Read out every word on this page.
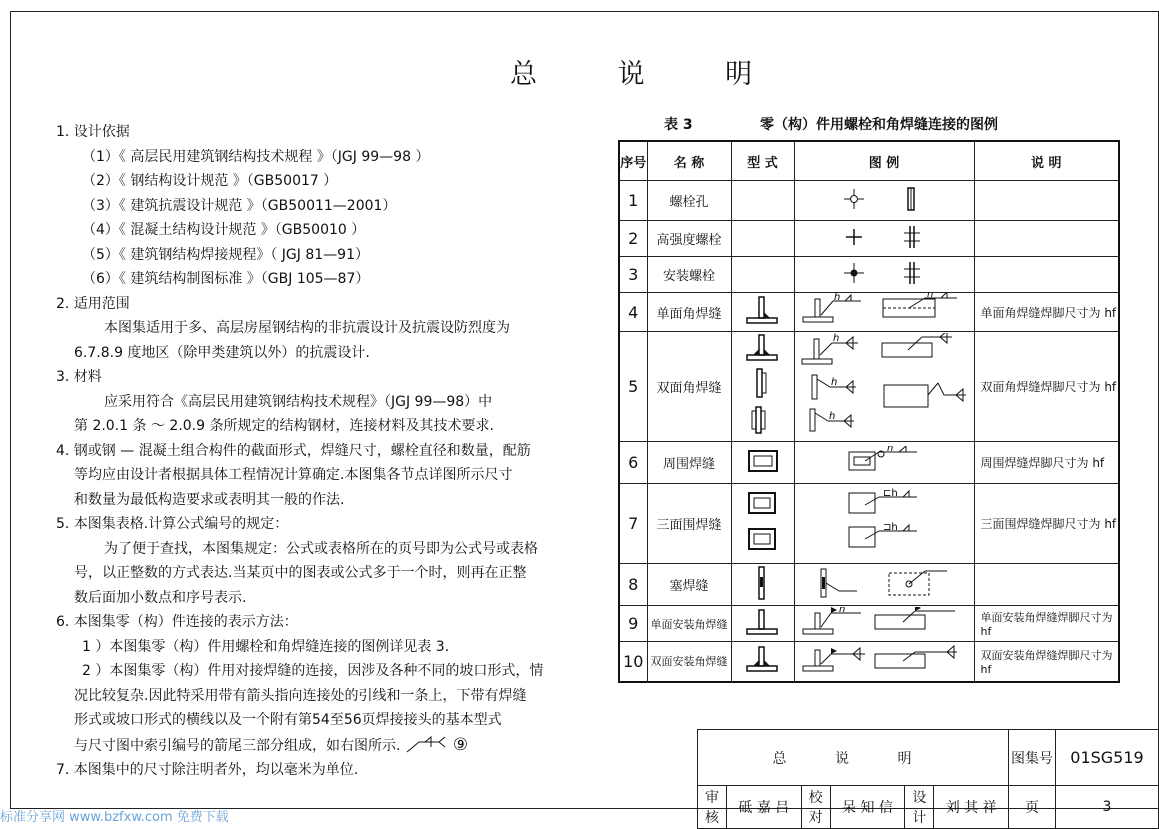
总 说 明

1. 设计依据

（1）《 高层民用建筑钢结构技术规程 》（JGJ 99—98 ）

（2）《 钢结构设计规范 》（GB50017 ）

（3）《 建筑抗震设计规范 》（GB50011—2001）

（4）《 混凝土结构设计规范 》（GB50010 ）

（5）《 建筑钢结构焊接规程》（ JGJ 81—91）

（6）《 建筑结构制图标准 》（GBJ 105—87）

2. 适用范围

本图集适用于多、高层房屋钢结构的非抗震设计及抗震设防烈度为

6.7.8.9 度地区（除甲类建筑以外）的抗震设计.

3. 材料

应采用符合《高层民用建筑钢结构技术规程》（JGJ 99—98）中

第 2.0.1 条 ～ 2.0.9 条所规定的结构钢材，连接材料及其技术要求.

4. 钢或钢 — 混凝土组合构件的截面形式，焊缝尺寸，螺栓直径和数量，配筋

等均应由设计者根据具体工程情况计算确定.本图集各节点详图所示尺寸

和数量为最低构造要求或表明其一般的作法.

5. 本图集表格.计算公式编号的规定：

为了便于查找，本图集规定：公式或表格所在的页号即为公式号或表格

号，以正整数的方式表达.当某页中的图表或公式多于一个时，则再在正整

数后面加小数点和序号表示.

6. 本图集零（构）件连接的表示方法：

1 ）本图集零（构）件用螺栓和角焊缝连接的图例详见表 3.

2 ）本图集零（构）件用对接焊缝的连接，因涉及各种不同的坡口形式，情

况比较复杂.因此特采用带有箭头指向连接处的引线和一条上，下带有焊缝

形式或坡口形式的横线以及一个附有第54至56页焊接接头的基本型式

与尺寸图中索引编号的箭尾三部分组成，如右图所示.	⑨

7. 本图集中的尺寸除注明者外，均以毫米为单位.

表 3	零（构）件用螺栓和角焊缝连接的图例
序号	名 称	型 式	图 例	说 明
1	螺栓孔			
2	高强度螺栓			
3	安装螺栓			
4	单面角焊缝		h h	单面角焊缝焊脚尺寸为 hf
5	双面角焊缝		h
h
h	双面角焊缝焊脚尺寸为 hf
6	周围焊缝		h	周围焊缝焊脚尺寸为 hf
7	三面围焊缝		⊏h
⊐h	三面围焊缝焊脚尺寸为 hf
8	塞焊缝			
9	单面安装角焊缝		h	单面安装角焊缝焊脚尺寸为 hf
10	双面安装角焊缝			双面安装角焊缝焊脚尺寸为 hf
总 说 明						图集号	01SG519
审核	砥 嘉 吕	校对	呆 知 信	设计	刘 其 祥	页	3
标准分享网 www.bzfxw.com 免费下载
